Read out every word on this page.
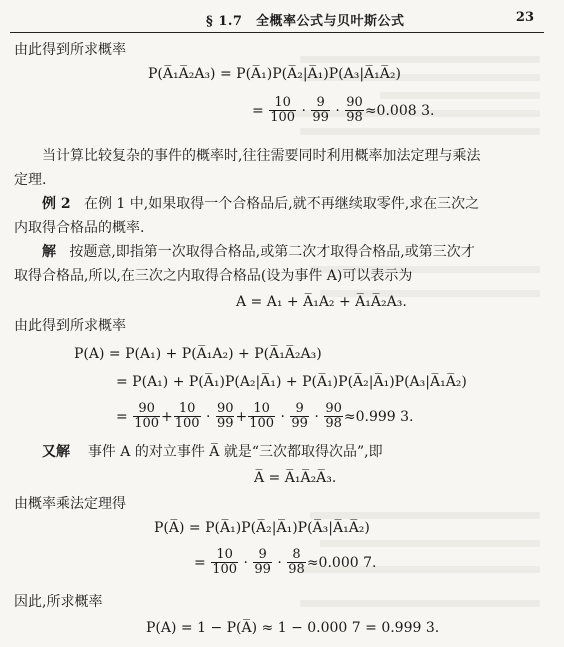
§ 1.7　全概率公式与贝叶斯公式	23
由此得到所求概率
P(A̅₁A̅₂A₃) = P(A̅₁)P(A̅₂|A̅₁)P(A₃|A̅₁A̅₂)
= $\frac{10}{100} \cdot \frac{9}{99} \cdot \frac{90}{98} \approx 0.008$ 3.
当计算比较复杂的事件的概率时,往往需要同时利用概率加法定理与乘法
定理.
例 2 在例 1 中,如果取得一个合格品后,就不再继续取零件,求在三次之
内取得合格品的概率.
解 按题意,即指第一次取得合格品,或第二次才取得合格品,或第三次才
取得合格品,所以,在三次之内取得合格品(设为事件 A)可以表示为
A = A₁ + A̅₁A₂ + A̅₁A̅₂A₃.
由此得到所求概率
P(A) = P(A₁) + P(A̅₁A₂) + P(A̅₁A̅₂A₃)
= P(A₁) + P(A̅₁)P(A₂|A̅₁) + P(A̅₁)P(A̅₂|A̅₁)P(A₃|A̅₁A̅₂)
= $\frac{90}{100} + \frac{10}{100} \cdot \frac{90}{99} + \frac{10}{100} \cdot \frac{9}{99} \cdot \frac{90}{98} \approx 0.999$ 3.
又解 事件 A 的对立事件 A̅ 就是“三次都取得次品”,即
A̅ = A̅₁A̅₂A̅₃.
由概率乘法定理得
P(A̅) = P(A̅₁)P(A̅₂|A̅₁)P(A̅₃|A̅₁A̅₂)
= $\frac{10}{100} \cdot \frac{9}{99} \cdot \frac{8}{98} \approx 0.000$ 7.
因此,所求概率
P(A) = 1 − P(A̅) ≈ 1 − 0.000 7 = 0.999 3.
